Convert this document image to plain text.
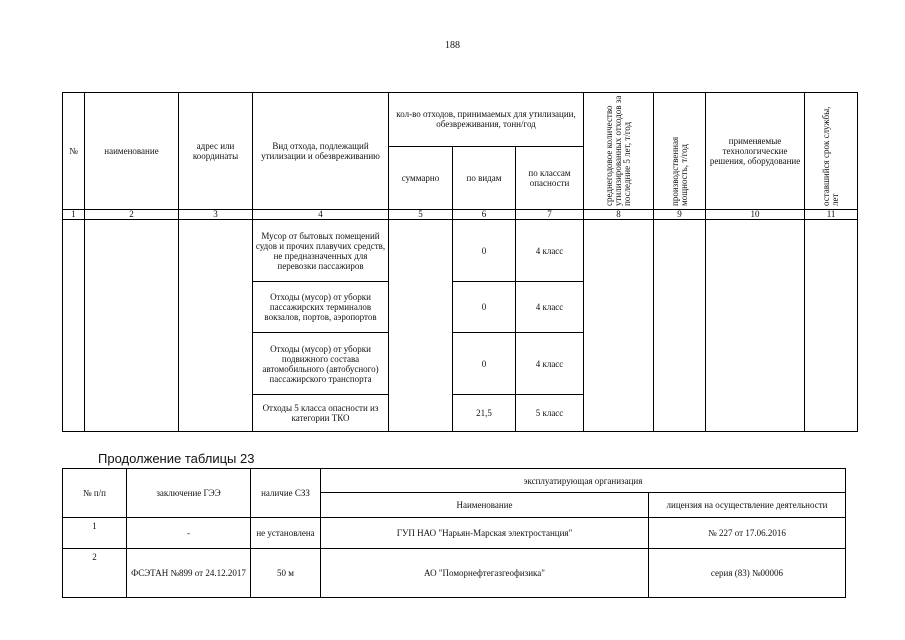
188
№	наименование	адрес или координаты	Вид отхода, подлежащий утилизации и обезвреживанию	кол-во отходов, принимаемых для утилизации, обезвреживания, тонн/год			среднегодовое количество утилизированных отходов за последние 5 лет, т/год	производственная мощность, т/год	применяемые технологические решения, оборудование	оставшийся срок службы, лет
				суммарно	по видам	по классам опасности				
1	2	3	4	5	6	7	8	9	10	11
			Мусор от бытовых помещений судов и прочих плавучих средств, не предназначенных для перевозки пассажиров		0	4 класс				
			Отходы (мусор) от уборки пассажирских терминалов вокзалов, портов, аэропортов		0	4 класс				
			Отходы (мусор) от уборки подвижного состава автомобильного (автобусного) пассажирского транспорта		0	4 класс				
			Отходы 5 класса опасности из категории ТКО		21,5	5 класс				
Продолжение таблицы 23
№ п/п	заключение ГЭЭ	наличие СЗЗ	эксплуатирующая организация	
			Наименование	лицензия на осуществление деятельности
1	-	не установлена	ГУП НАО "Нарьян-Марская электростанция"	№ 227 от 17.06.2016
2	ФСЭТАН №899 от 24.12.2017	50 м	АО "Поморнефтегазгеофизика"	серия (83) №00006
